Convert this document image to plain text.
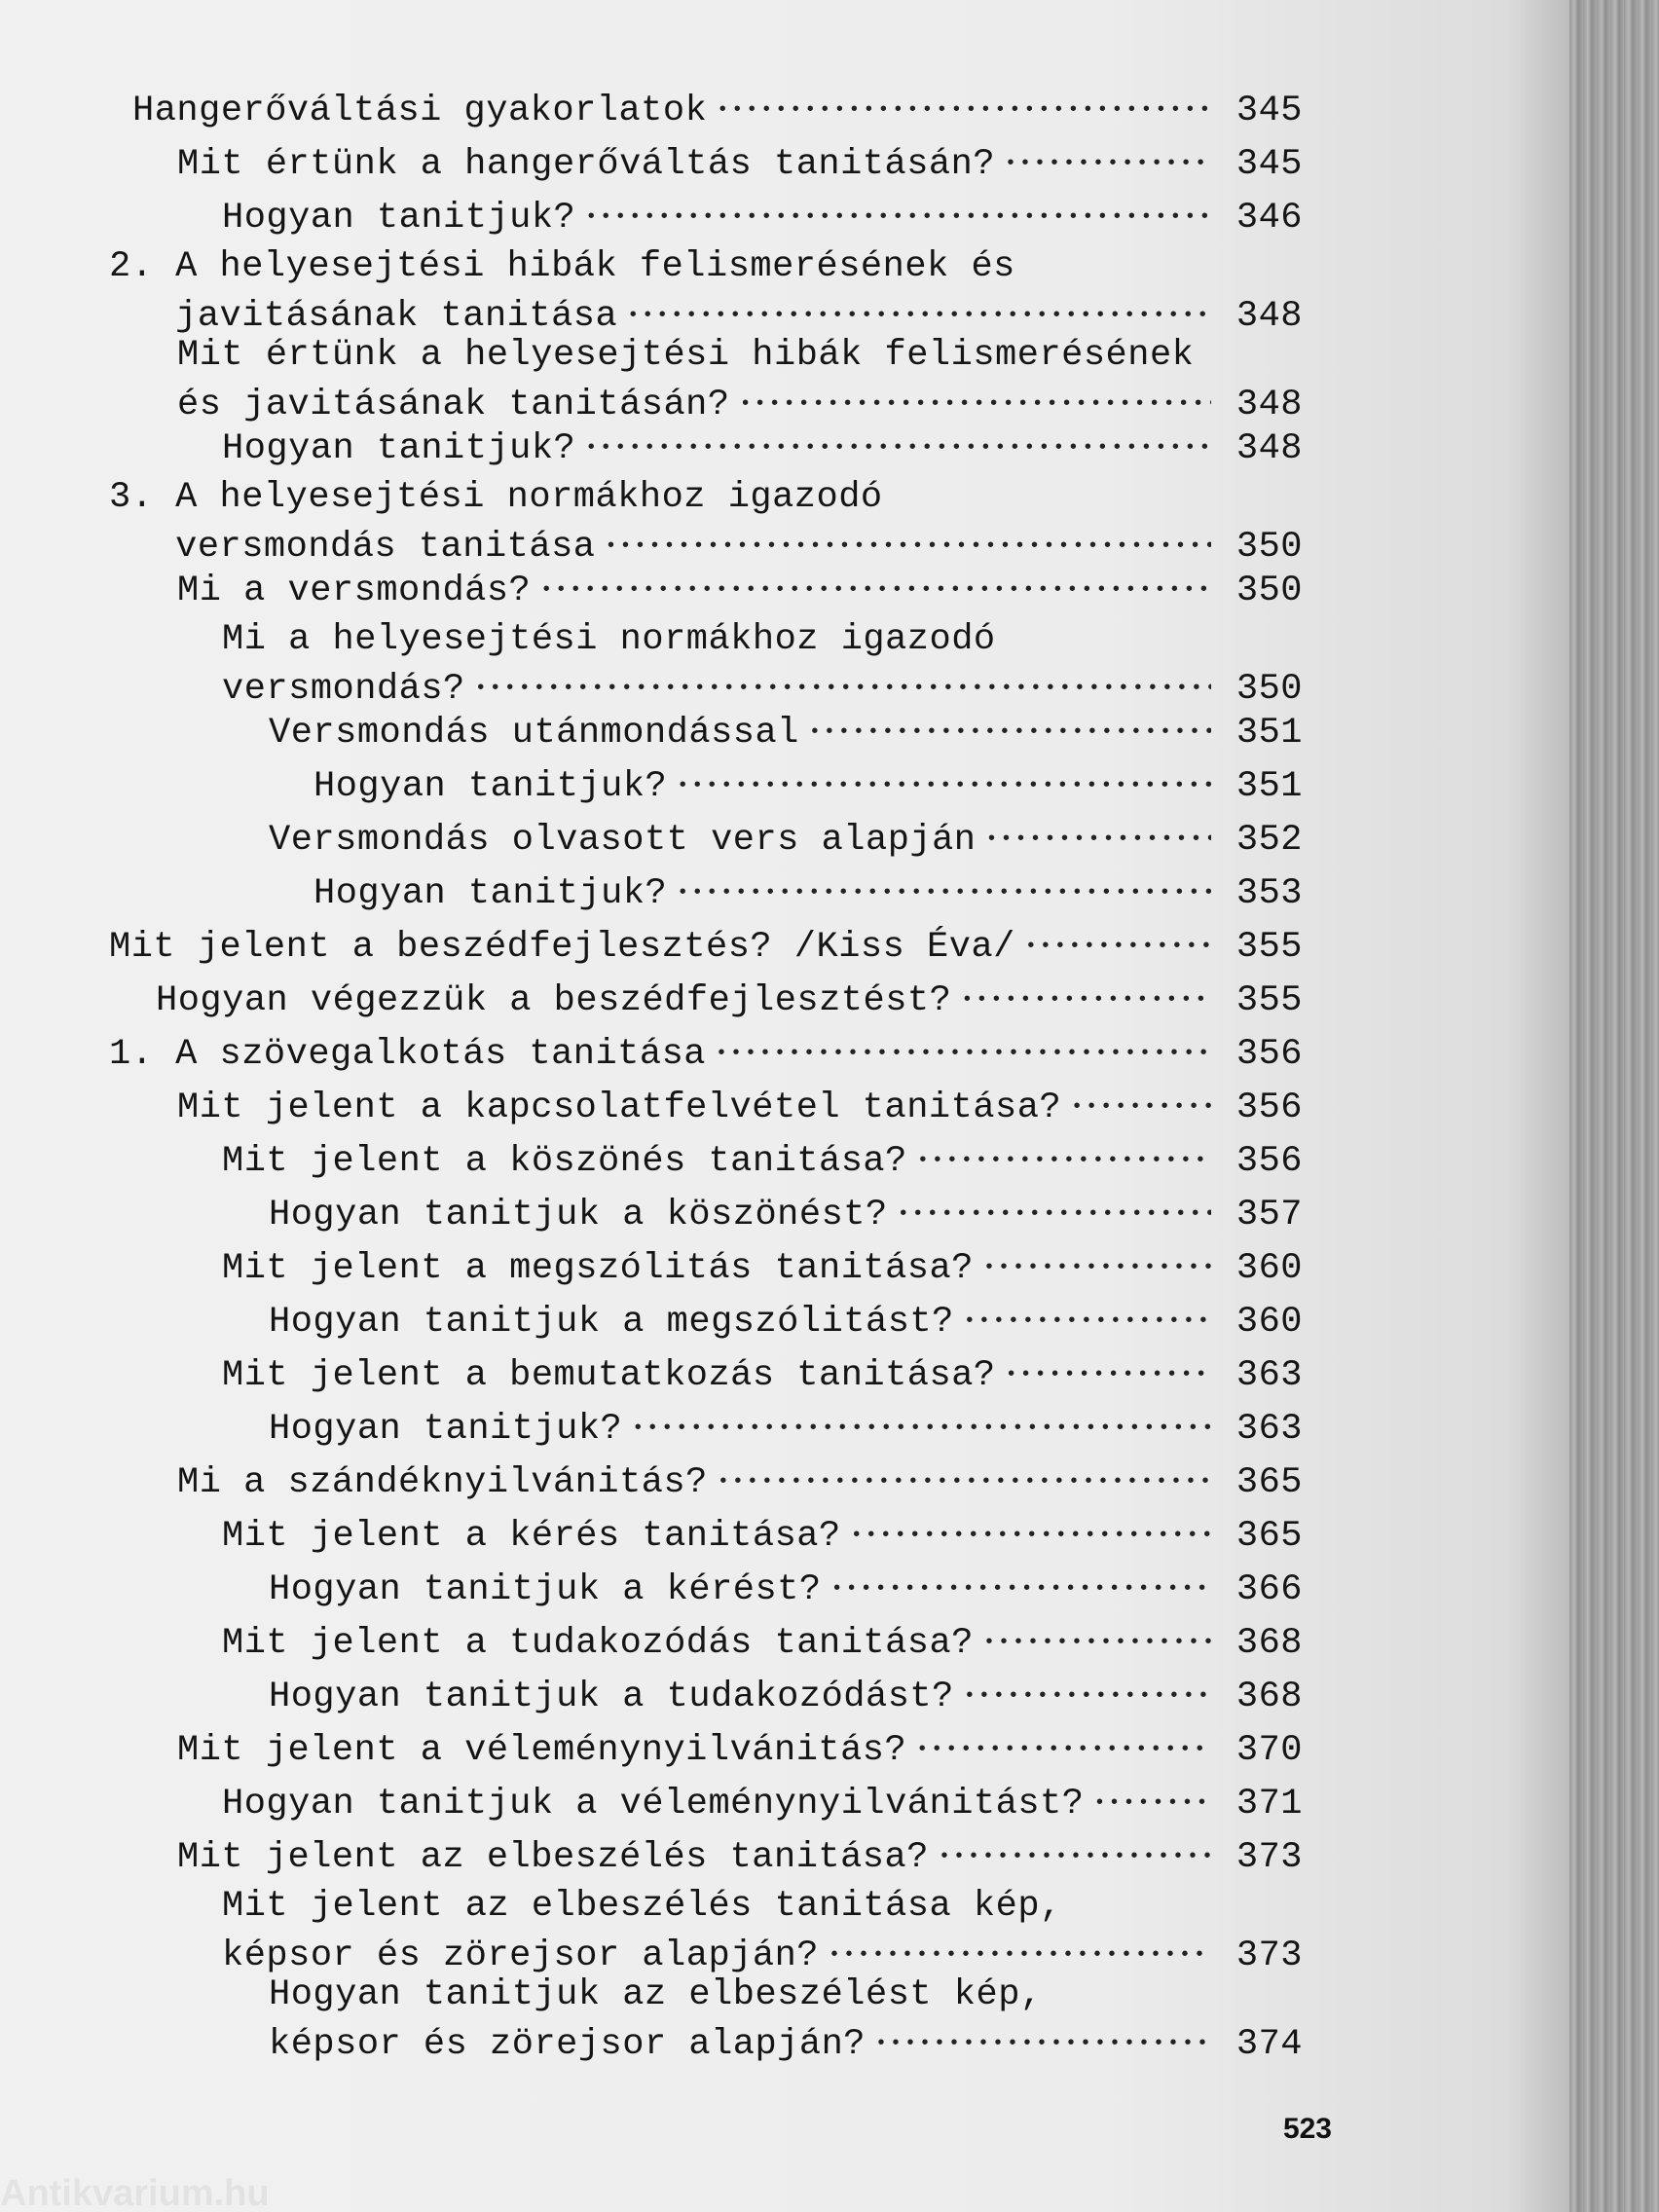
Hangerőváltási gyakorlatok •••••	345
Mit értünk a hangerőváltás tanitásán? •••••	345
Hogyan tanitjuk? •••••	346
2. A helyesejtési hibák felismerésének és
javitásának tanitása •••••	348
Mit értünk a helyesejtési hibák felismerésének
és javitásának tanitásán? •••••	348
Hogyan tanitjuk? •••••	348
3. A helyesejtési normákhoz igazodó
versmondás tanitása •••••	350
Mi a versmondás? •••••	350
Mi a helyesejtési normákhoz igazodó
versmondás? •••••	350
Versmondás utánmondással •••••	351
Hogyan tanitjuk? •••••	351
Versmondás olvasott vers alapján •••••	352
Hogyan tanitjuk? •••••	353
Mit jelent a beszédfejlesztés? /Kiss Éva/ •••••	355
Hogyan végezzük a beszédfejlesztést? •••••	355
1. A szövegalkotás tanitása •••••	356
Mit jelent a kapcsolatfelvétel tanitása? •••••	356
Mit jelent a köszönés tanitása? •••••	356
Hogyan tanitjuk a köszönést? •••••	357
Mit jelent a megszólitás tanitása? •••••	360
Hogyan tanitjuk a megszólitást? •••••	360
Mit jelent a bemutatkozás tanitása? •••••	363
Hogyan tanitjuk? •••••	363
Mi a szándéknyilvánitás? •••••	365
Mit jelent a kérés tanitása? •••••	365
Hogyan tanitjuk a kérést? •••••	366
Mit jelent a tudakozódás tanitása? •••••	368
Hogyan tanitjuk a tudakozódást? •••••	368
Mit jelent a véleménynyilvánitás? •••••	370
Hogyan tanitjuk a véleménynyilvánitást? •••••	371
Mit jelent az elbeszélés tanitása? •••••	373
Mit jelent az elbeszélés tanitása kép,
képsor és zörejsor alapján? •••••	373
Hogyan tanitjuk az elbeszélést kép,
képsor és zörejsor alapján? •••••	374
523
Antikvarium.hu
